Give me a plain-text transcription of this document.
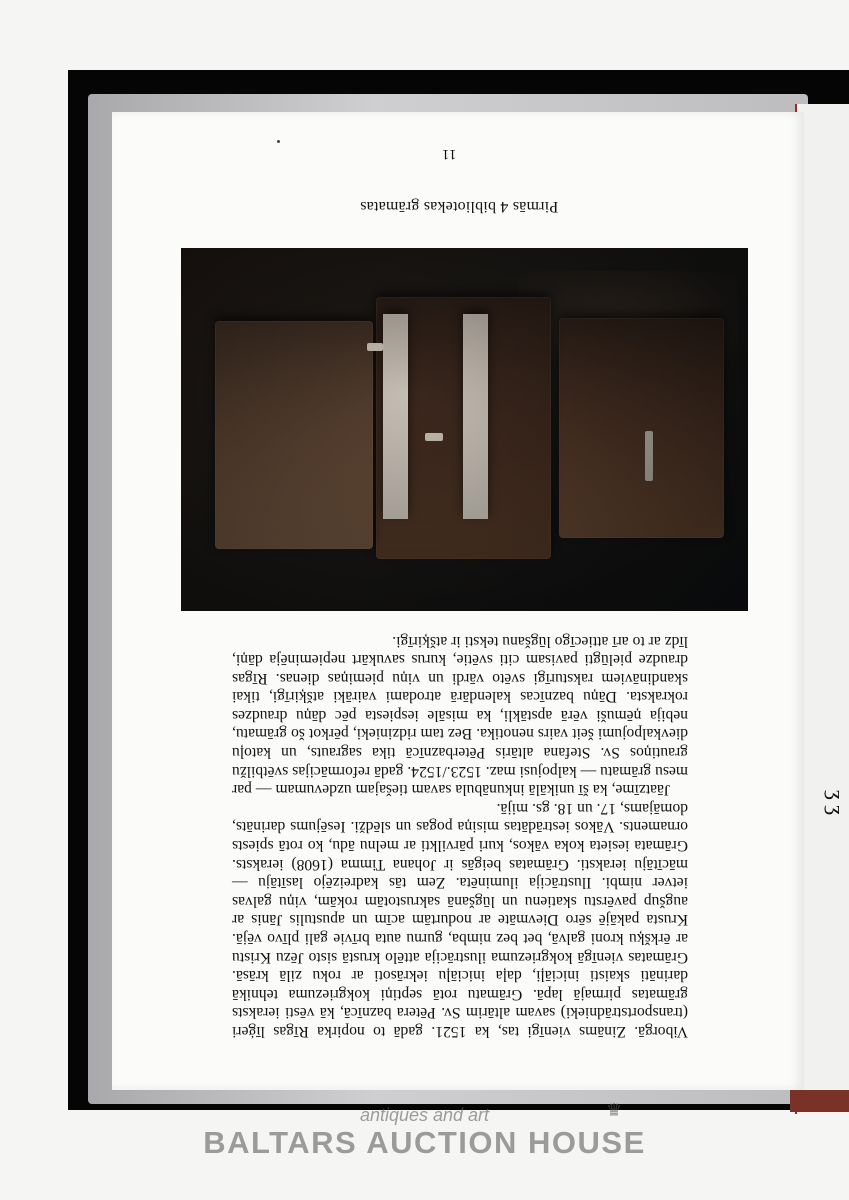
ʒ ʒ
11
Pirmās 4 bibliotekas grāmatas

Viborgā. Zināms vienīgi tas, ka 1521. gadā to nopirka Rīgas līģeri (transportstrādnieki) savam altārim Sv. Pētera baznīcā, kā vēsti ieraksts grāmatas pirmajā lapā. Grāmatu rotā septiņi kokgriezuma tehnikā darināti skaisti iniciāļi, daļa iniciāļu iekrāsoti ar roku zilā krāsā. Grāmatas vienīgā kokgriezuma ilustrācija attēlo krustā sisto Jēzu Kristu ar ērkšķu kroni galvā, bet bez nimba, gurnu auta brīvie gali plīvo vējā. Krusta pakājē sēro Dievmāte ar nodurtām acīm un apustulis Jānis ar augšup pavērstu skatienu un lūgšanā sakrustotām rokām, viņu galvas ietver nimbi. Ilustrācija iluminēta. Zem tās kadreizējo lasītāju — mācītāju ieraksti. Grāmatas beigās ir Johana Timma (1608) ieraksts. Grāmata iesieta koka vākos, kuri pārvilkti ar melnu ādu, ko rotā spiests ornaments. Vākos iestrādātas misiņa pogas un slēdži. Iesējums darināts, domājams, 17. un 18. gs. mijā.

Jāatzīme, ka šī unikālā inkunābula savam tiešajam uzdevumam — par mesu grāmatu — kalpojusi maz. 1523./1524. gadā reformācijas svētbilžu grautiņos Sv. Stefana altāris Pēterbaznīcā tika sagrauts, un katoļu dievkalpojumi šeit vairs nenotika. Bez tam ridzinieki, pērkot šo grāmatu, nebija ņēmuši vērā apstākli, ka misāle iespiesta pēc dāņu draudzes rokraksta. Dāņu baznīcas kalendārā atrodami vairāki atšķirīgi, tikai skandināviem raksturīgi svēto vārdi un viņu piemiņas dienas. Rīgas draudze pielūgti pavisam citi svētie, kurus savukārt nepieminēja dāņi, līdz ar to arī attiecīgo lūgšanu teksti ir atšķirīgi.

antiques and art
BALTARS AUCTION HOUSE
♛
